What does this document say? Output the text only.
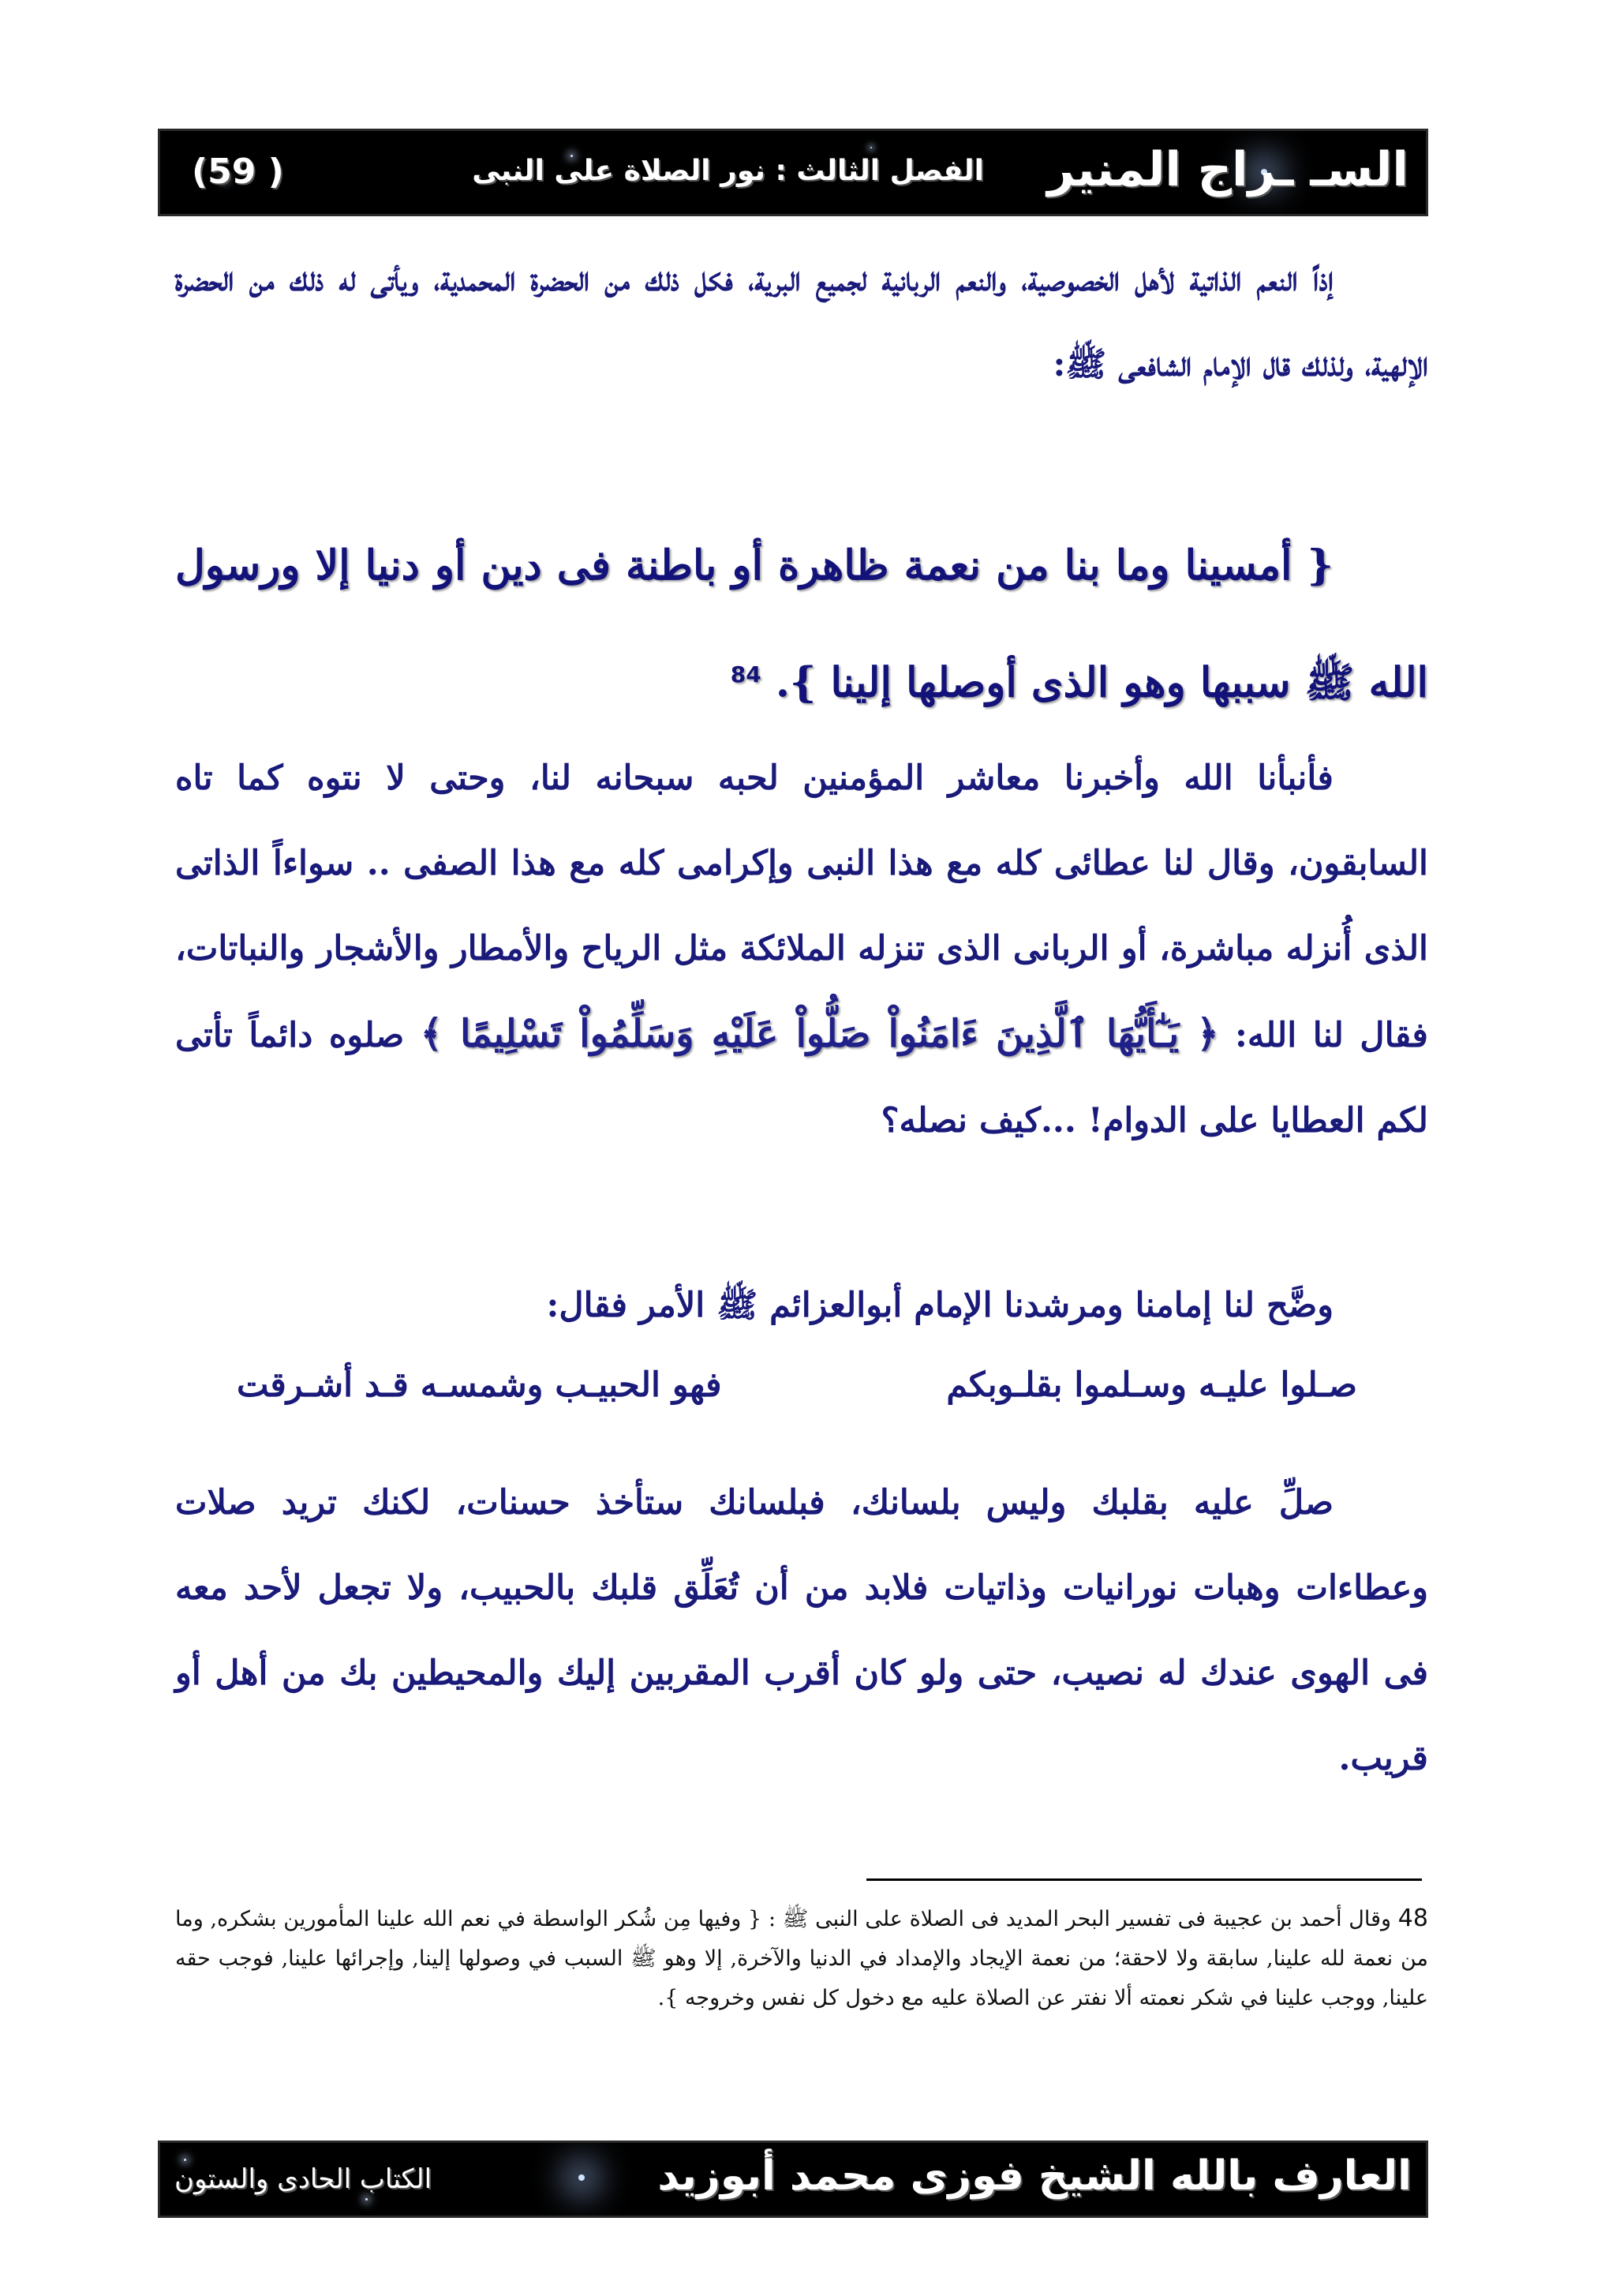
السـ ـراج المنير
الفصل الثالث : نور الصلاة على النبى
( 59)
إذاً النعم الذاتية لأهل الخصوصية، والنعم الربانية لجميع البرية، فكل ذلك من الحضرة المحمدية، ويأتى له ذلك من الحضرة الإلهية، ولذلك قال الإمام الشافعى ﷺ:
{ أمسينا وما بنا من نعمة ظاهرة أو باطنة فى دين أو دنيا إلا ورسول الله ﷺ سببها وهو الذى أوصلها إلينا }. $^{84}$
فأنبأنا الله وأخبرنا معاشر المؤمنين لحبه سبحانه لنا، وحتى لا نتوه كما تاه السابقون، وقال لنا عطائى كله مع هذا النبى وإكرامى كله مع هذا الصفى .. سواءاً الذاتى الذى أُنزله مباشرة، أو الربانى الذى تنزله الملائكة مثل الرياح والأمطار والأشجار والنباتات، فقال لنا الله: ﴿ يَـٰٓأَيُّهَا ٱلَّذِينَ ءَامَنُواْ صَلُّواْ عَلَيْهِ وَسَلِّمُواْ تَسْلِيمًا ﴾ صلوه دائماً تأتى لكم العطايا على الدوام! ...كيف نصله؟
وضَّح لنا إمامنا ومرشدنا الإمام أبوالعزائم ﷺ الأمر فقال:
صـلوا عليـه وسـلموا بقلـوبكم
فهو الحبيـب وشمسـه قـد أشـرقت
صلِّ عليه بقلبك وليس بلسانك، فبلسانك ستأخذ حسنات، لكنك تريد صلات وعطاءات وهبات نورانيات وذاتيات فلابد من أن تُعَلِّق قلبك بالحبيب، ولا تجعل لأحد معه فى الهوى عندك له نصيب، حتى ولو كان أقرب المقربين إليك والمحيطين بك من أهل أو قريب.
48 وقال أحمد بن عجيبة فى تفسير البحر المديد فى الصلاة على النبى ﷺ : { وفيها مِن شُكر الواسطة في نعم الله علينا المأمورين بشكره, وما من نعمة لله علينا, سابقة ولا لاحقة؛ من نعمة الإيجاد والإمداد في الدنيا والآخرة, إلا وهو ﷺ السبب في وصولها إلينا, وإجرائها علينا, فوجب حقه علينا, ووجب علينا في شكر نعمته ألا نفتر عن الصلاة عليه مع دخول كل نفس وخروجه }.
العارف بالله الشيخ فوزى محمد أبوزيد
الكتاب الحادى والستون
